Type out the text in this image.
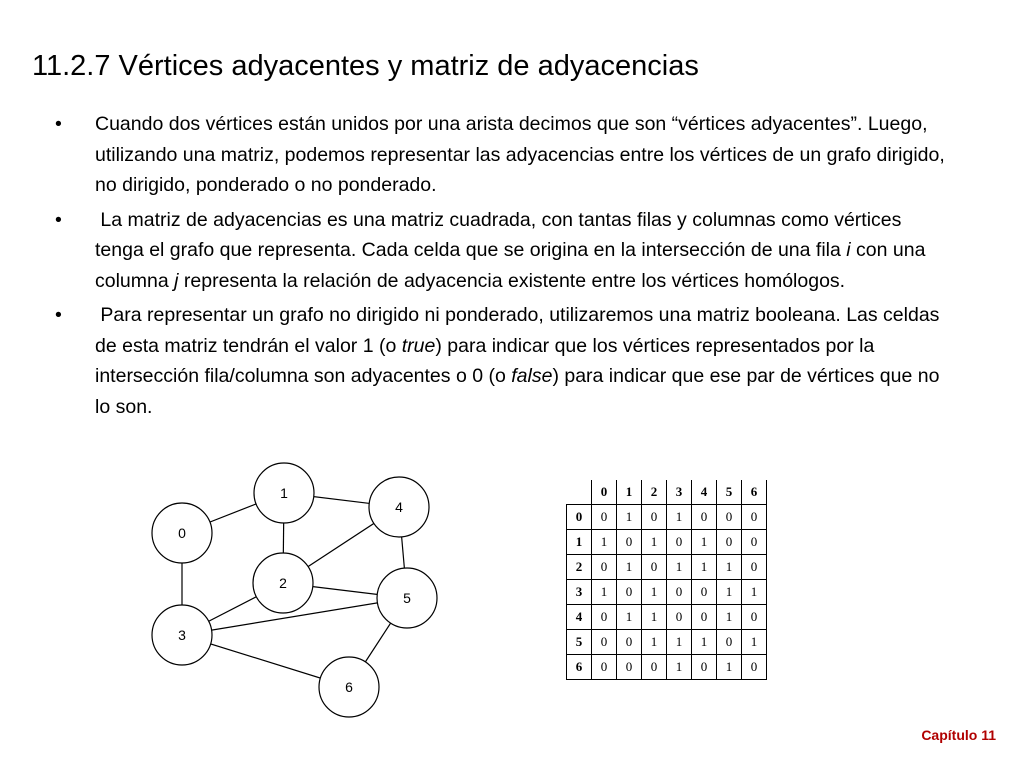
11.2.7 Vértices adyacentes y matriz de adyacencias
• Cuando dos vértices están unidos por una arista decimos que son “vértices adyacentes”. Luego, utilizando una matriz, podemos representar las adyacencias entre los vértices de un grafo dirigido, no dirigido, ponderado o no ponderado.
• La matriz de adyacencias es una matriz cuadrada, con tantas filas y columnas como vértices tenga el grafo que representa. Cada celda que se origina en la intersección de una fila i con una columna j representa la relación de adyacencia existente entre los vértices homólogos.
• Para representar un grafo no dirigido ni ponderado, utilizaremos una matriz booleana. Las celdas de esta matriz tendrán el valor 1 (o true) para indicar que los vértices representados por la intersección fila/columna son adyacentes o 0 (o false) para indicar que ese par de vértices que no lo son.
0
1
2
3
4
5
6
	0	1	2	3	4	5	6
0	0	1	0	1	0	0	0
1	1	0	1	0	1	0	0
2	0	1	0	1	1	1	0
3	1	0	1	0	0	1	1
4	0	1	1	0	0	1	0
5	0	0	1	1	1	0	1
6	0	0	0	1	0	1	0
Capítulo 11
